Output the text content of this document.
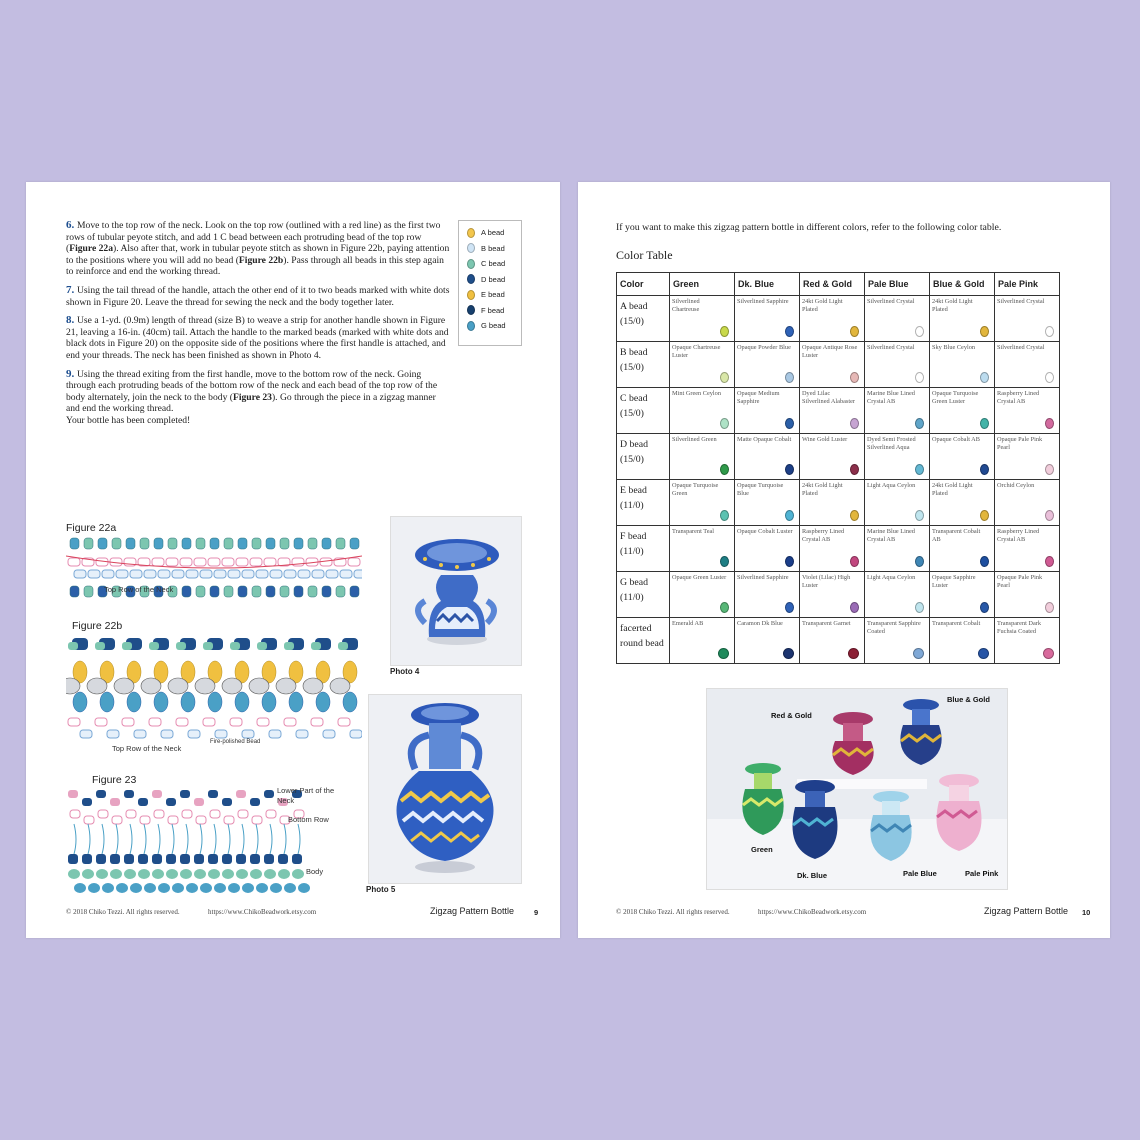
6. Move to the top row of the neck. Look on the top row (outlined with a red line) as the first two rows of tubular peyote stitch, and add 1 C bead between each protruding bead of the top row (Figure 22a). Also after that, work in tubular peyote stitch as shown in Figure 22b, paying attention to the positions where you will add no bead (Figure 22b). Pass through all beads in this step again to reinforce and end the working thread.

7. Using the tail thread of the handle, attach the other end of it to two beads marked with white dots shown in Figure 20. Leave the thread for sewing the neck and the body together later.

8. Use a 1-yd. (0.9m) length of thread (size B) to weave a strip for another handle shown in Figure 21, leaving a 16-in. (40cm) tail. Attach the handle to the marked beads (marked with white dots and black dots in Figure 20) on the opposite side of the positions where the first handle is attached, and end your threads. The neck has been finished as shown in Photo 4.

9. Using the thread exiting from the first handle, move to the bottom row of the neck. Going through each protruding beads of the bottom row of the neck and each bead of the top row of the body alternately, join the neck to the body (Figure 23). Go through the piece in a zigzag manner and end the working thread.
Your bottle has been completed!

A bead
B bead
C bead
D bead
E bead
F bead
G bead
Figure 22a
Top Row of the Neck
Figure 22b
Top Row of the Neck
Fire-polished Bead
Figure 23
Lower Part of the Neck
Bottom Row
Body
Photo 4
Photo 5
© 2018 Chiko Tezzi. All rights reserved.	https://www.ChikoBeadwork.etsy.com	Zigzag Pattern Bottle	9
If you want to make this zigzag pattern bottle in different colors, refer to the following color table.
Color Table
Color	Green	Dk. Blue	Red & Gold	Pale Blue	Blue & Gold	Pale Pink

A bead
(15/0)	Silverlined Chartreuse	Silverlined Sapphire	24kt Gold Light Plated	Silverlined Crystal	24kt Gold Light Plated	Silverlined Crystal

B bead
(15/0)	Opaque Chartreuse Luster	Opaque Powder Blue	Opaque Antique Rose Luster	Silverlined Crystal	Sky Blue Ceylon	Silverlined Crystal

C bead
(15/0)	Mint Green Ceylon	Opaque Medium Sapphire	Dyed Lilac Silverlined Alabaster	Marine Blue Lined Crystal AB	Opaque Turquoise Green Luster	Raspberry Lined Crystal AB

D bead
(15/0)	Silverlined Green	Matte Opaque Cobalt	Wine Gold Luster	Dyed Semi Frosted Silverlined Aqua	Opaque Cobalt AB	Opaque Pale Pink Pearl

E bead
(11/0)	Opaque Turquoise Green	Opaque Turquoise Blue	24kt Gold Light Plated	Light Aqua Ceylon	24kt Gold Light Plated	Orchid Ceylon

F bead
(11/0)	Transparent Teal	Opaque Cobalt Luster	Raspberry Lined Crystal AB	Marine Blue Lined Crystal AB	Transparent Cobalt AB	Raspberry Lined Crystal AB

G bead
(11/0)	Opaque Green Luster	Silverlined Sapphire	Violet (Lilac) High Luster	Light Aqua Ceylon	Opaque Sapphire Luster	Opaque Pale Pink Pearl

facerted
round bead	Emerald AB	Caramon Dk Blue	Transparent Garnet	Transparent Sapphire Coated	Transparent Cobalt	Transparent Dark Fuchsia Coated
Red & Gold
Blue & Gold
Green
Dk. Blue	Pale Blue	Pale Pink
© 2018 Chiko Tezzi. All rights reserved.	https://www.ChikoBeadwork.etsy.com	Zigzag Pattern Bottle 10
